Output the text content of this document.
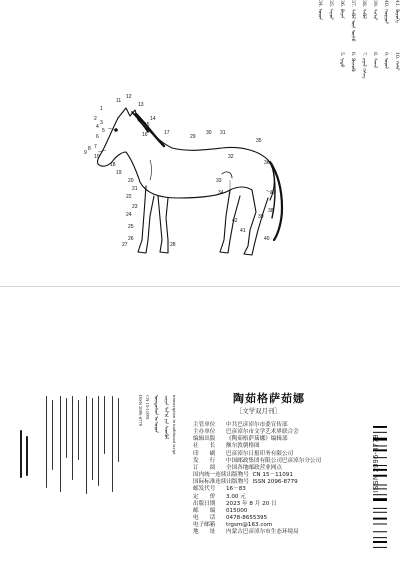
1
2
3
4
5
6
7
8
9
10
11
12
13
14
15
16	17
18
19
20
21
22
23
24
25
26
27	28
29
30 31
32
33
34
35
36
37
38
39
40
41
42
41. ᠬᠦᠷᠦᠭᠡ
40. ᠬᠤᠷᠭᠤᠢ
39. ᠰᠢᠭᠡᠷᠢ
38. ᠰᠡᠭᠦᠯ
37. ᠰᠡᠭᠦᠯ ᠦᠨ ᠦᠰᠦ
36. ᠪᠠᠭᠠᠨ
35. ᠠᠭᠤᠷ
34. ᠤᠷᠤᠨ
10. ᠬᠠᠮᠠᠷ
9. ᠤᠷᠤᠯ
8. ᠰᠠᠬᠠᠯ
7. ᠵᠠᠭᠠᠯ ᠬᠡᠰᠡᠭ
6. ᠬᠦᠵᠦᠭᠦ
5. ᠨᠢᠳᠦ
transcription in traditional script
ᠴᠠᠭᠠᠨ ᠰᠠᠷ᠎ᠠ ᠶᠢᠨ ᠰᠡᠳᠬᠦᠯ
ᠦᠨᠳᠦᠰᠦᠨ ᠤ ᠤᠷᠤᠨ
CN 15-11091
ISSN 2096-8779	陶茹格萨茹娜
［文学双月刊］
主管单位	中共巴彦淖尔市委宣传部
主办单位	巴彦淖尔市文学艺术界联合会
编辑出版	《陶茹格萨茹娜》编辑部
社　　长	额尔敦朝格图
印　　刷	巴彦淖尔日报印务有限公司
发　　行	中国邮政集团有限公司巴彦淖尔分公司
订　　阅	全国各地邮政营业网点
国内统一连续出版物号
CN 15－11091
国际标准连续出版物号
ISSN 2096-8779
邮发代号	16－83
定　　价	3.00 元
出版日期	2023 年 8 月 20 日
邮　　编	015000
电　　话	0478-8655395
电子邮箱	trgsm@163.com
地　　址	内蒙古巴彦淖尔市生态环境局
ISSN 2096-8779
